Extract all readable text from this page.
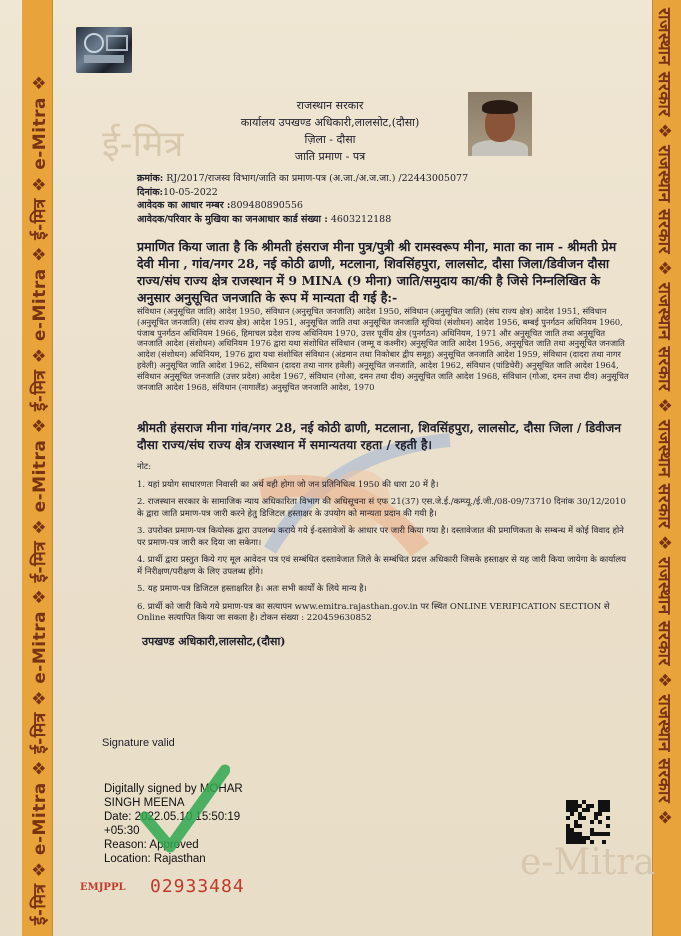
ई-मित्र ❖ e-Mitra ❖ ई-मित्र ❖ e-Mitra ❖ ई-मित्र ❖ e-Mitra ❖ ई-मित्र ❖ e-Mitra ❖ ई-मित्र ❖ e-Mitra ❖	राजस्थान सरकार ❖ राजस्थान सरकार ❖ राजस्थान सरकार ❖ राजस्थान सरकार ❖ राजस्थान सरकार ❖ राजस्थान सरकार ❖
ई-मित्र
राजस्थान सरकार
कार्यालय उपखण्ड अधिकारी,लालसोट,(दौसा)
ज़िला - दौसा
जाति प्रमाण - पत्र
क्रमांक: RJ/2017/राजस्व विभाग/जाति का प्रमाण-पत्र (अ.जा./अ.ज.जा.) /22443005077
दिनांक:10-05-2022
आवेदक का आधार नम्बर :809480890556
आवेदक/परिवार के मुखिया का जनआधार कार्ड संख्या : 4603212188
प्रमाणित किया जाता है कि श्रीमती हंसराज मीना पुत्र/पुत्री श्री रामस्वरूप मीना, माता का नाम - श्रीमती प्रेम देवी मीना , गांव/नगर 28, नई कोठी ढाणी, मटलाना, शिवसिंहपुरा, लालसोट, दौसा जिला/डिवीजन दौसा राज्य/संघ राज्य क्षेत्र राजस्थान में 9 MINA (9 मीना) जाति/समुदाय का/की है जिसे निम्नलिखित के अनुसार अनुसूचित जनजाति के रूप में मान्यता दी गई है:-
संविधान (अनुसूचित जाति) आदेश 1950, संविधान (अनुसूचित जनजाति) आदेश 1950, संविधान (अनुसूचित जाति) (संघ राज्य क्षेत्र) आदेश 1951, संविधान (अनुसूचित जनजाति) (संघ राज्य क्षेत्र) आदेश 1951, अनुसूचित जाति तथा अनुसूचित जनजाति सूचियां (संशोधन) आदेश 1956, बम्बई पुनर्गठन अधिनियम 1960, पंजाब पुनर्गठन अधिनियम 1966, हिमाचल प्रदेश राज्य अधिनियम 1970, उत्तर पूर्वीय क्षेत्र (पुनर्गठन) अधिनियम, 1971 और अनुसूचित जाति तथा अनुसूचित जनजाति आदेश (संशोधन) अधिनियम 1976 द्वारा यथा संशोधित संविधान (जम्मू व कश्मीर) अनुसूचित जाति आदेश 1956, अनुसूचित जाति तथा अनुसूचित जनजाति आदेश (संशोधन) अधिनियम, 1976 द्वारा यथा संशोधित संविधान (अंडमान तथा निकोबार द्वीप समूह) अनुसूचित जनजाति आदेश 1959, संविधान (दादरा तथा नागर हवेली) अनुसूचित जाति आदेश 1962, संविधान (दादरा तथा नागर हवेली) अनुसूचित जनजाति, आदेश 1962, संविधान (पांडिचेरी) अनुसूचित जाति आदेश 1964, संविधान अनुसूचित जनजाति (उत्तर प्रदेश) आदेश 1967, संविधान (गोआ, दमन तथा दीव) अनुसूचित जाति आदेश 1968, संविधान (गोआ, दमन तथा दीव) अनुसूचित जनजाति आदेश 1968, संविधान (नागालैंड) अनुसूचित जनजाति आदेश, 1970
श्रीमती हंसराज मीना गांव/नगर 28, नई कोठी ढाणी, मटलाना, शिवसिंहपुरा, लालसोट, दौसा जिला / डिवीजन दौसा राज्य/संघ राज्य क्षेत्र राजस्थान में समान्यतया रहता / रहती है।
नोट:
1. यहां प्रयोग साधारणतः निवासी का अर्थ वही होगा जो जन प्रतिनिधित्व 1950 की धारा 20 में है।
2. राजस्थान सरकार के सामाजिक न्याय अधिकारिता विभाग की अधिसूचना सं एफ 21(37) एस.जे.ई./कम्प्यू./ई.जी./08-09/73710 दिनांक 30/12/2010 के द्वारा जाति प्रमाण-पत्र जारी करने हेतु डिजिटल हस्ताक्षर के उपयोग को मान्यता प्रदान की गयी है।
3. उपरोक्त प्रमाण-पत्र कियोस्क द्वारा उपलब्ध कराये गये ई-दस्तावेजों के आधार पर जारी किया गया है। दस्तावेजात की प्रमाणिकता के सम्बन्ध में कोई विवाद होने पर प्रमाण-पत्र जारी कर दिया जा सकेगा।
4. प्रार्थी द्वारा प्रस्तुत किये गए मूल आवेदन पत्र एवं सम्बंधित दस्तावेजात जिले के सम्बंधित प्रदत्त अधिकारी जिसके हस्ताक्षर से यह जारी किया जायेगा के कार्यालय में निरीक्षण/परीक्षण के लिए उपलब्ध होंगे।
5. यह प्रमाण-पत्र डिजिटल हस्ताक्षरित है। अतः सभी कार्यों के लिये मान्य है।
6. प्रार्थी को जारी किये गये प्रमाण-पत्र का सत्यापन www.emitra.rajasthan.gov.in पर स्थित ONLINE VERIFICATION SECTION से Online सत्यापित किया जा सकता है। टोकन संख्या : 220459630852
उपखण्ड अधिकारी,लालसोट,(दौसा)
Signature valid
Digitally signed by MOHAR
SINGH MEENA
Date: 2022.05.10 15:50:19
+05:30
Reason: Approved
Location: Rajasthan	e-Mitra
EMJPPL 02933484
